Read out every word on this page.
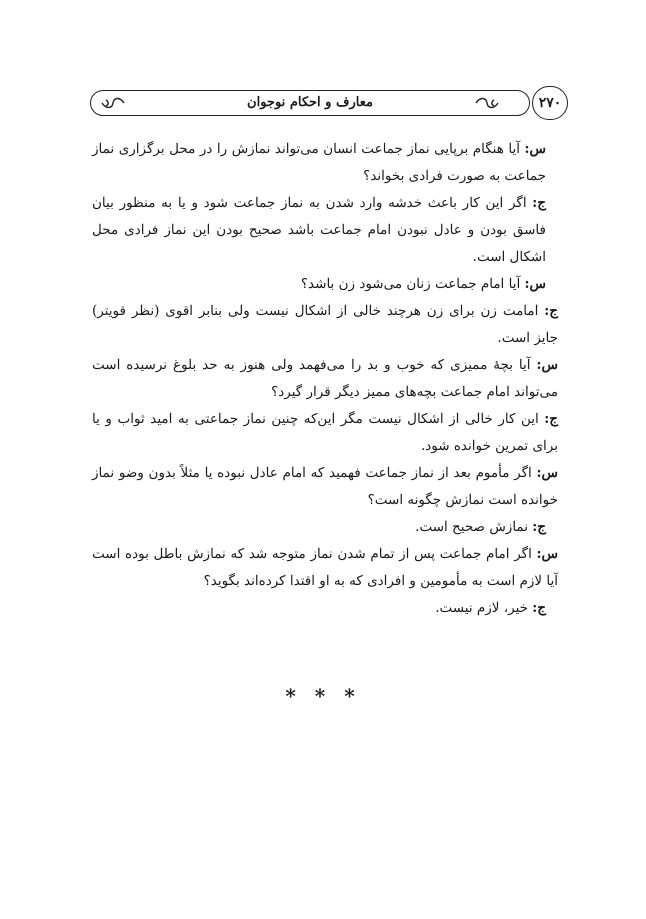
معارف و احکام نوجوان	۲۷۰

س: آیا هنگام برپایی نماز جماعت انسان می‌تواند نمازش را در محل برگزاری نماز جماعت به صورت فرادی بخواند؟

ج: اگر این کار باعث خدشه وارد شدن به نماز جماعت شود و یا به منظور بیان فاسق بودن و عادل نبودن امام جماعت باشد صحیح بودن این نماز فرادی محل اشکال است.

س: آیا امام جماعت زنان می‌شود زن باشد؟

ج: امامت زن برای زن هرچند خالی از اشکال نیست ولی بنابر اقوی (نظر قویتر) جایز است.

س: آیا بچهٔ ممیزی که خوب و بد را می‌فهمد ولی هنوز به حد بلوغ نرسیده است می‌تواند امام جماعت بچه‌های ممیز دیگر قرار گیرد؟

ج: این کار خالی از اشکال نیست مگر این‌که چنین نماز جماعتی به امید ثواب و یا برای تمرین خوانده شود.

س: اگر مأموم بعد از نماز جماعت فهمید که امام عادل نبوده یا مثلاً بدون وضو نماز خوانده است نمازش چگونه است؟

ج: نمازش صحیح است.

س: اگر امام جماعت پس از تمام شدن نماز متوجه شد که نمازش باطل بوده است آیا لازم است به مأمومین و افرادی که به او اقتدا کرده‌اند بگوید؟

ج: خیر، لازم نیست.

* * *
